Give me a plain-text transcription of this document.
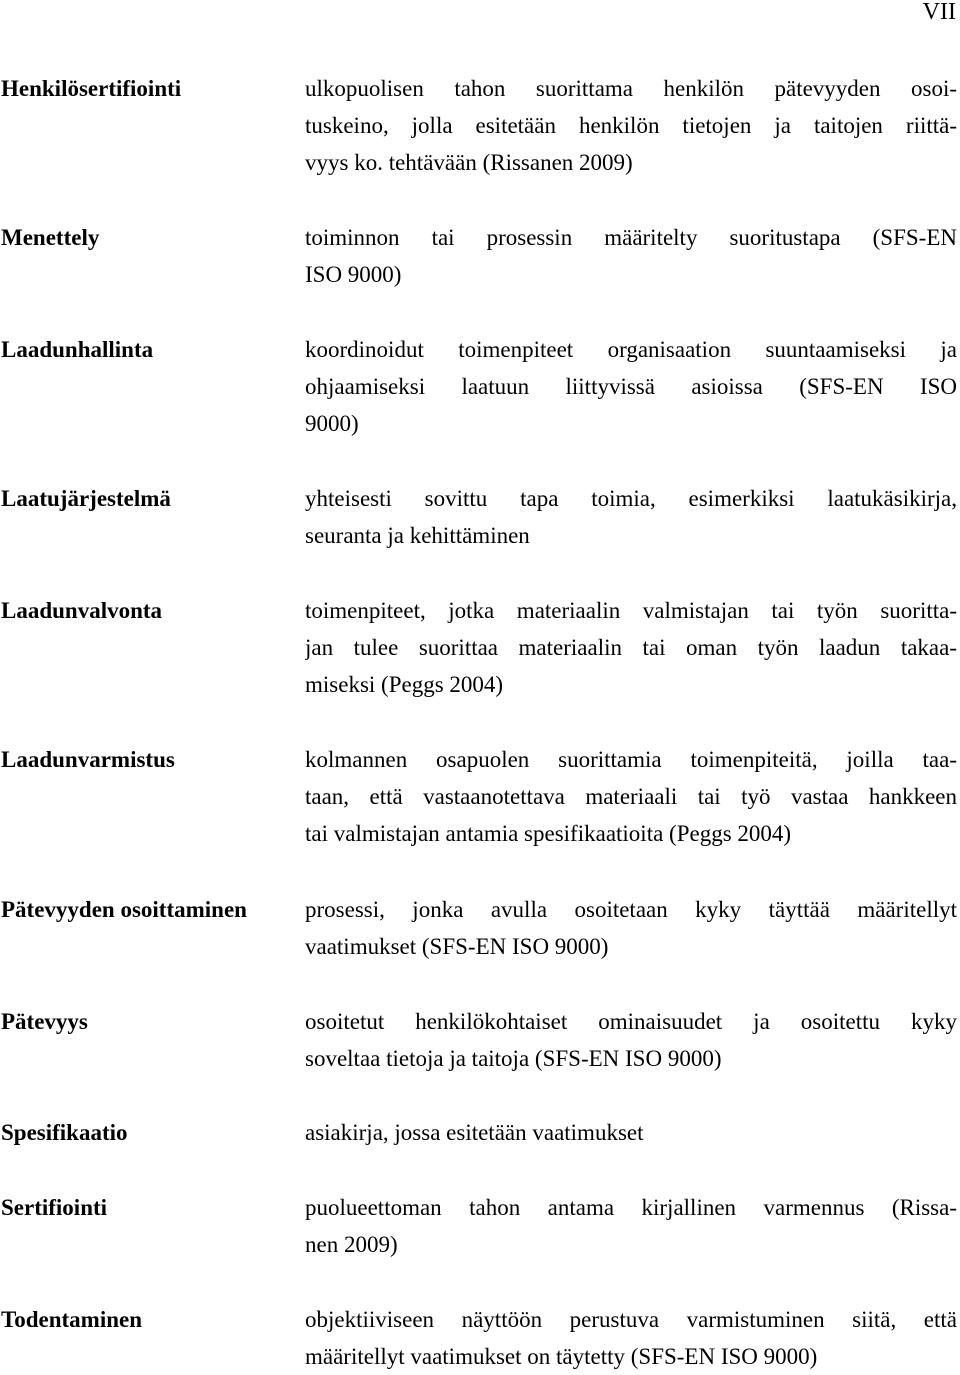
VII
Henkilösertifiointi	ulkopuolisen tahon suorittama henkilön pätevyyden osoi-
tuskeino, jolla esitetään henkilön tietojen ja taitojen riittä-
vyys ko. tehtävään (Rissanen 2009)
Menettely	toiminnon tai prosessin määritelty suoritustapa (SFS-EN
ISO 9000)
Laadunhallinta	koordinoidut toimenpiteet organisaation suuntaamiseksi ja
ohjaamiseksi laatuun liittyvissä asioissa (SFS-EN ISO
9000)
Laatujärjestelmä	yhteisesti sovittu tapa toimia, esimerkiksi laatukäsikirja,
seuranta ja kehittäminen
Laadunvalvonta	toimenpiteet, jotka materiaalin valmistajan tai työn suoritta-
jan tulee suorittaa materiaalin tai oman työn laadun takaa-
miseksi (Peggs 2004)
Laadunvarmistus	kolmannen osapuolen suorittamia toimenpiteitä, joilla taa-
taan, että vastaanotettava materiaali tai työ vastaa hankkeen
tai valmistajan antamia spesifikaatioita (Peggs 2004)
Pätevyyden osoittaminen	prosessi, jonka avulla osoitetaan kyky täyttää määritellyt
vaatimukset (SFS-EN ISO 9000)
Pätevyys	osoitetut henkilökohtaiset ominaisuudet ja osoitettu kyky
soveltaa tietoja ja taitoja (SFS-EN ISO 9000)
Spesifikaatio	asiakirja, jossa esitetään vaatimukset
Sertifiointi	puolueettoman tahon antama kirjallinen varmennus (Rissa-
nen 2009)
Todentaminen	objektiiviseen näyttöön perustuva varmistuminen siitä, että
määritellyt vaatimukset on täytetty (SFS-EN ISO 9000)
